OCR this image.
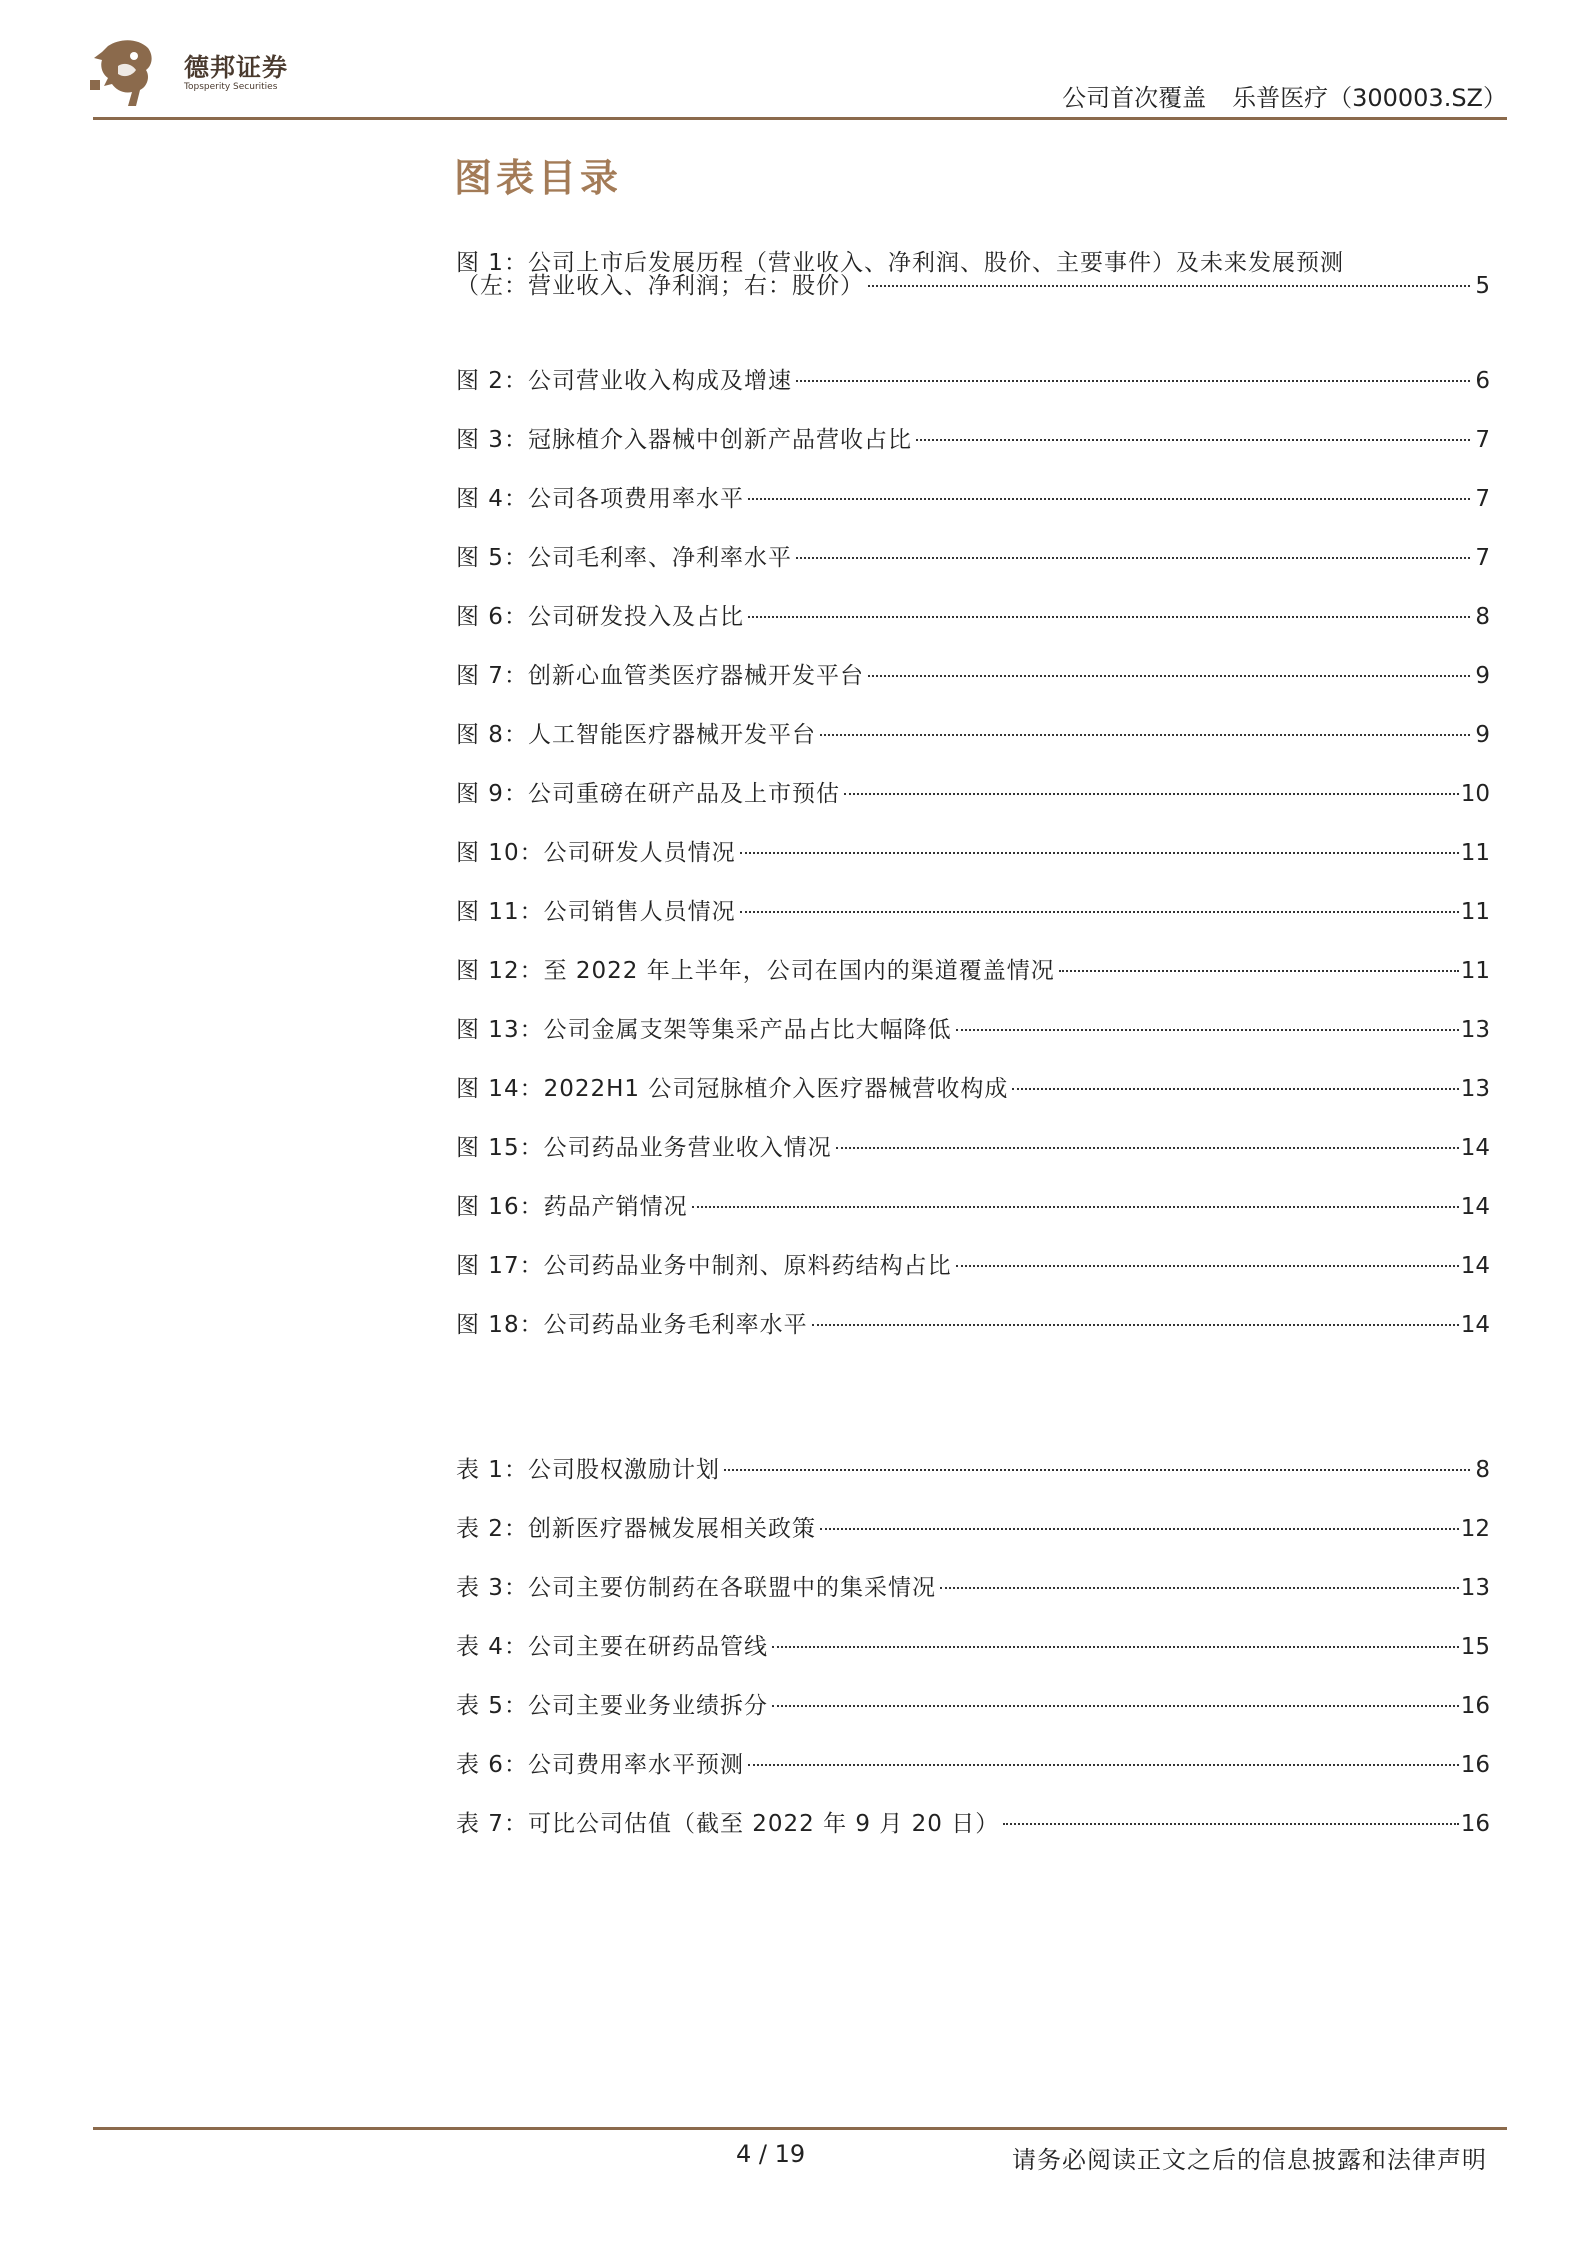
德邦证券
Topsperity Securities	公司首次覆盖 乐普医疗（300003.SZ）
图表目录
图 1：公司上市后发展历程（营业收入、净利润、股价、主要事件）及未来发展预测
（左：营业收入、净利润；右：股价）	5
图 2：公司营业收入构成及增速	6
图 3：冠脉植介入器械中创新产品营收占比	7
图 4：公司各项费用率水平	7
图 5：公司毛利率、净利率水平	7
图 6：公司研发投入及占比	8
图 7：创新心血管类医疗器械开发平台	9
图 8：人工智能医疗器械开发平台	9
图 9：公司重磅在研产品及上市预估	10
图 10：公司研发人员情况	11
图 11：公司销售人员情况	11
图 12：至 2022 年上半年，公司在国内的渠道覆盖情况	11
图 13：公司金属支架等集采产品占比大幅降低	13
图 14：2022H1 公司冠脉植介入医疗器械营收构成	13
图 15：公司药品业务营业收入情况	14
图 16：药品产销情况	14
图 17：公司药品业务中制剂、原料药结构占比	14
图 18：公司药品业务毛利率水平	14
表 1：公司股权激励计划	8
表 2：创新医疗器械发展相关政策	12
表 3：公司主要仿制药在各联盟中的集采情况	13
表 4：公司主要在研药品管线	15
表 5：公司主要业务业绩拆分	16
表 6：公司费用率水平预测	16
表 7：可比公司估值（截至 2022 年 9 月 20 日）	16
4 / 19	请务必阅读正文之后的信息披露和法律声明
